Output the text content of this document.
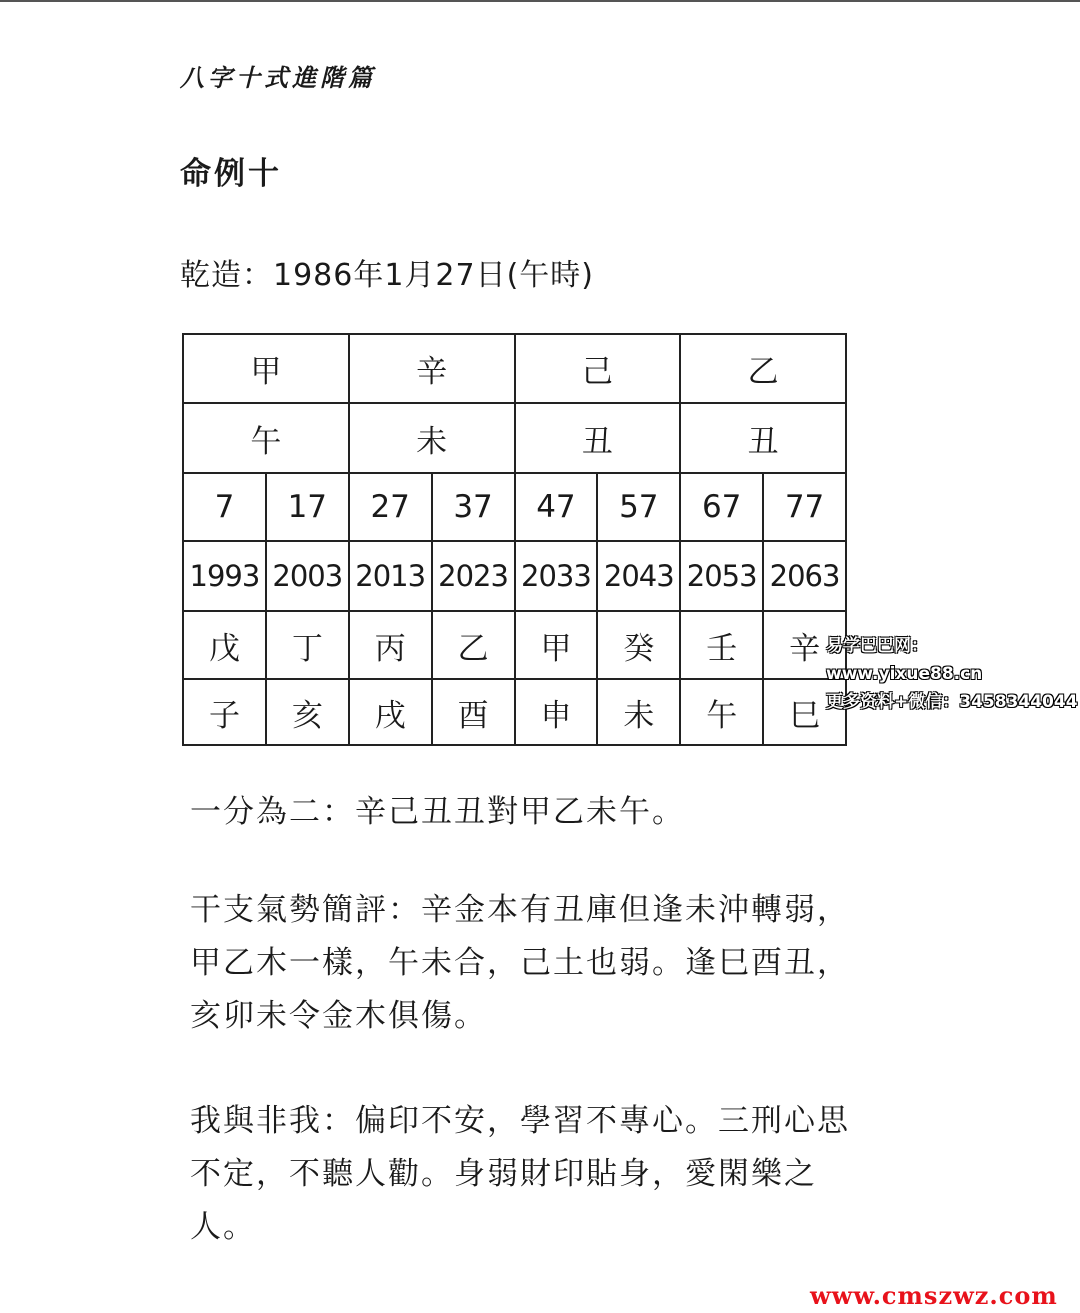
八字十式進階篇
命例十
乾造：1986年1月27日(午時)
甲		辛		己		乙	
午		未		丑		丑	
7	17	27	37	47	57	67	77
1993	2003	2013	2023	2033	2043	2053	2063
戊	丁	丙	乙	甲	癸	壬	辛
子	亥	戌	酉	申	未	午	巳
一分為二：辛己丑丑對甲乙未午。
干支氣勢簡評：辛金本有丑庫但逢未沖轉弱，甲乙木一樣，午未合，己土也弱。逢巳酉丑，亥卯未令金木俱傷。
我與非我：偏印不安，學習不專心。三刑心思不定，不聽人勸。身弱財印貼身，愛閑樂之人。
易学巴巴网：www.yixue88.cn
更多资料+微信：3458344044
www.cmszwz.com
